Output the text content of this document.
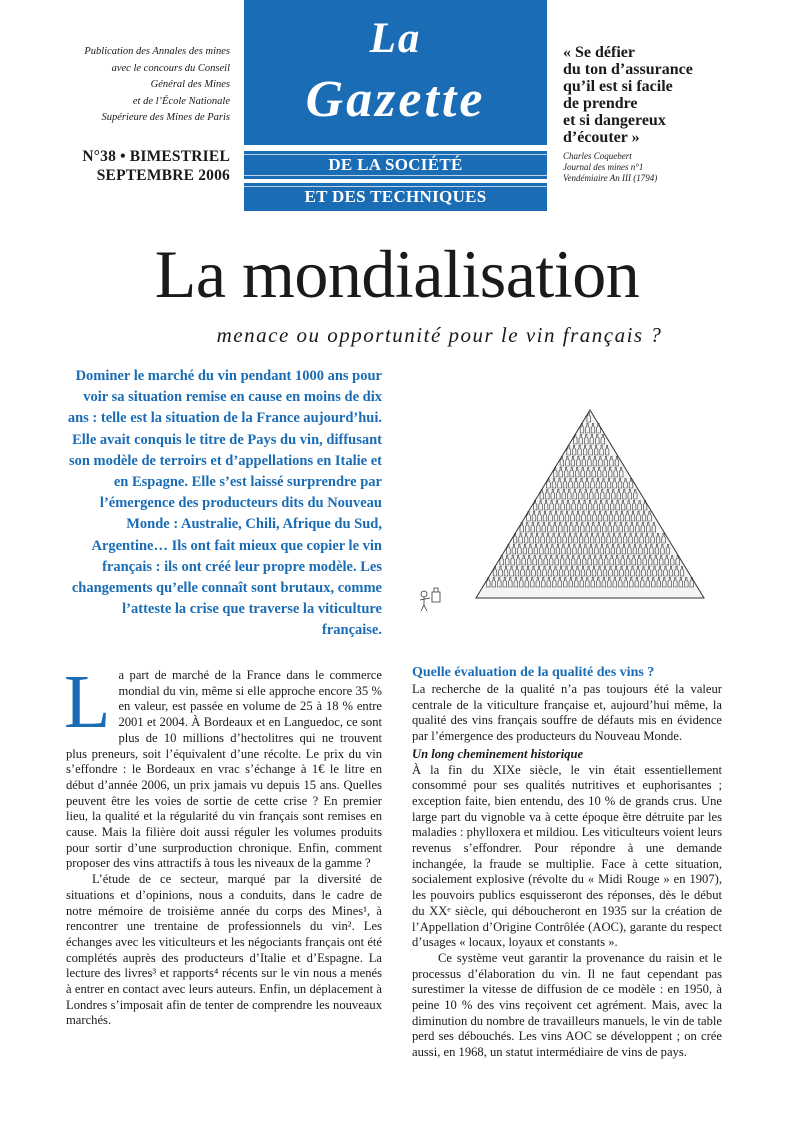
Publication des Annales des mines
avec le concours du Conseil
Général des Mines
et de l’École Nationale
Supérieure des Mines de Paris
N°38 • BIMESTRIEL
SEPTEMBRE 2006
La
Gazette
DE LA SOCIÉTÉ
ET DES TECHNIQUES
« Se défier
du ton d’assurance
qu’il est si facile
de prendre
et si dangereux
d’écouter »
Charles Coquebert
Journal des mines n°1
Vendémiaire An III (1794)
La mondialisation
menace ou opportunité pour le vin français ?
Dominer le marché du vin pendant 1000 ans pour voir sa situation remise en cause en moins de dix ans : telle est la situation de la France aujourd’hui. Elle avait conquis le titre de Pays du vin, diffusant son modèle de terroirs et d’appellations en Italie et en Espagne. Elle s’est laissé surprendre par l’émergence des producteurs dits du Nouveau Monde : Australie, Chili, Afrique du Sud, Argentine… Ils ont fait mieux que copier le vin français : ils ont créé leur propre modèle. Les changements qu’elle connaît sont brutaux, comme l’atteste la crise que traverse la viticulture française.
L a part de marché de la France dans le commerce mondial du vin, même si elle approche encore 35 % en valeur, est passée en volume de 25 à 18 % entre 2001 et 2004. À Bordeaux et en Languedoc, ce sont plus de 10 millions d’hectolitres qui ne trouvent plus preneurs, soit l’équivalent d’une récolte. Le prix du vin s’effondre : le Bordeaux en vrac s’échange à 1€ le litre en début d’année 2006, un prix jamais vu depuis 15 ans. Quelles peuvent être les voies de sortie de cette crise ? En premier lieu, la qualité et la régularité du vin français sont remises en cause. Mais la filière doit aussi réguler les volumes produits pour sortir d’une surproduction chronique. Enfin, comment proposer des vins attractifs à tous les niveaux de la gamme ?

L’étude de ce secteur, marqué par la diversité de situations et d’opinions, nous a conduits, dans le cadre de notre mémoire de troisième année du corps des Mines¹, à rencontrer une trentaine de professionnels du vin². Les échanges avec les viticulteurs et les négociants français ont été complétés auprès des producteurs d’Italie et d’Espagne. La lecture des livres³ et rapports⁴ récents sur le vin nous a menés à entrer en contact avec leurs auteurs. Enfin, un déplacement à Londres s’imposait afin de tenter de comprendre les nouveaux marchés.

Quelle évaluation de la qualité des vins ?

La recherche de la qualité n’a pas toujours été la valeur centrale de la viticulture française et, aujourd’hui même, la qualité des vins français souffre de défauts mis en évidence par l’émergence des producteurs du Nouveau Monde.

Un long cheminement historique

À la fin du XIXe siècle, le vin était essentiellement consommé pour ses qualités nutritives et euphorisantes ; exception faite, bien entendu, des 10 % de grands crus. Une large part du vignoble va à cette époque être détruite par les maladies : phylloxera et mildiou. Les viticulteurs voient leurs revenus s’effondrer. Pour répondre à une demande inchangée, la fraude se multiplie. Face à cette situation, socialement explosive (révolte du « Midi Rouge » en 1907), les pouvoirs publics esquisseront des réponses, dès le début du XXᵉ siècle, qui déboucheront en 1935 sur la création de l’Appellation d’Origine Contrôlée (AOC), garante du respect d’usages « locaux, loyaux et constants ».

Ce système veut garantir la provenance du raisin et le processus d’élaboration du vin. Il ne faut cependant pas surestimer la vitesse de diffusion de ce modèle : en 1950, à peine 10 % des vins reçoivent cet agrément. Mais, avec la diminution du nombre de travailleurs manuels, le vin de table perd ses débouchés. Les vins AOC se développent ; on crée aussi, en 1968, un statut intermédiaire de vins de pays.
